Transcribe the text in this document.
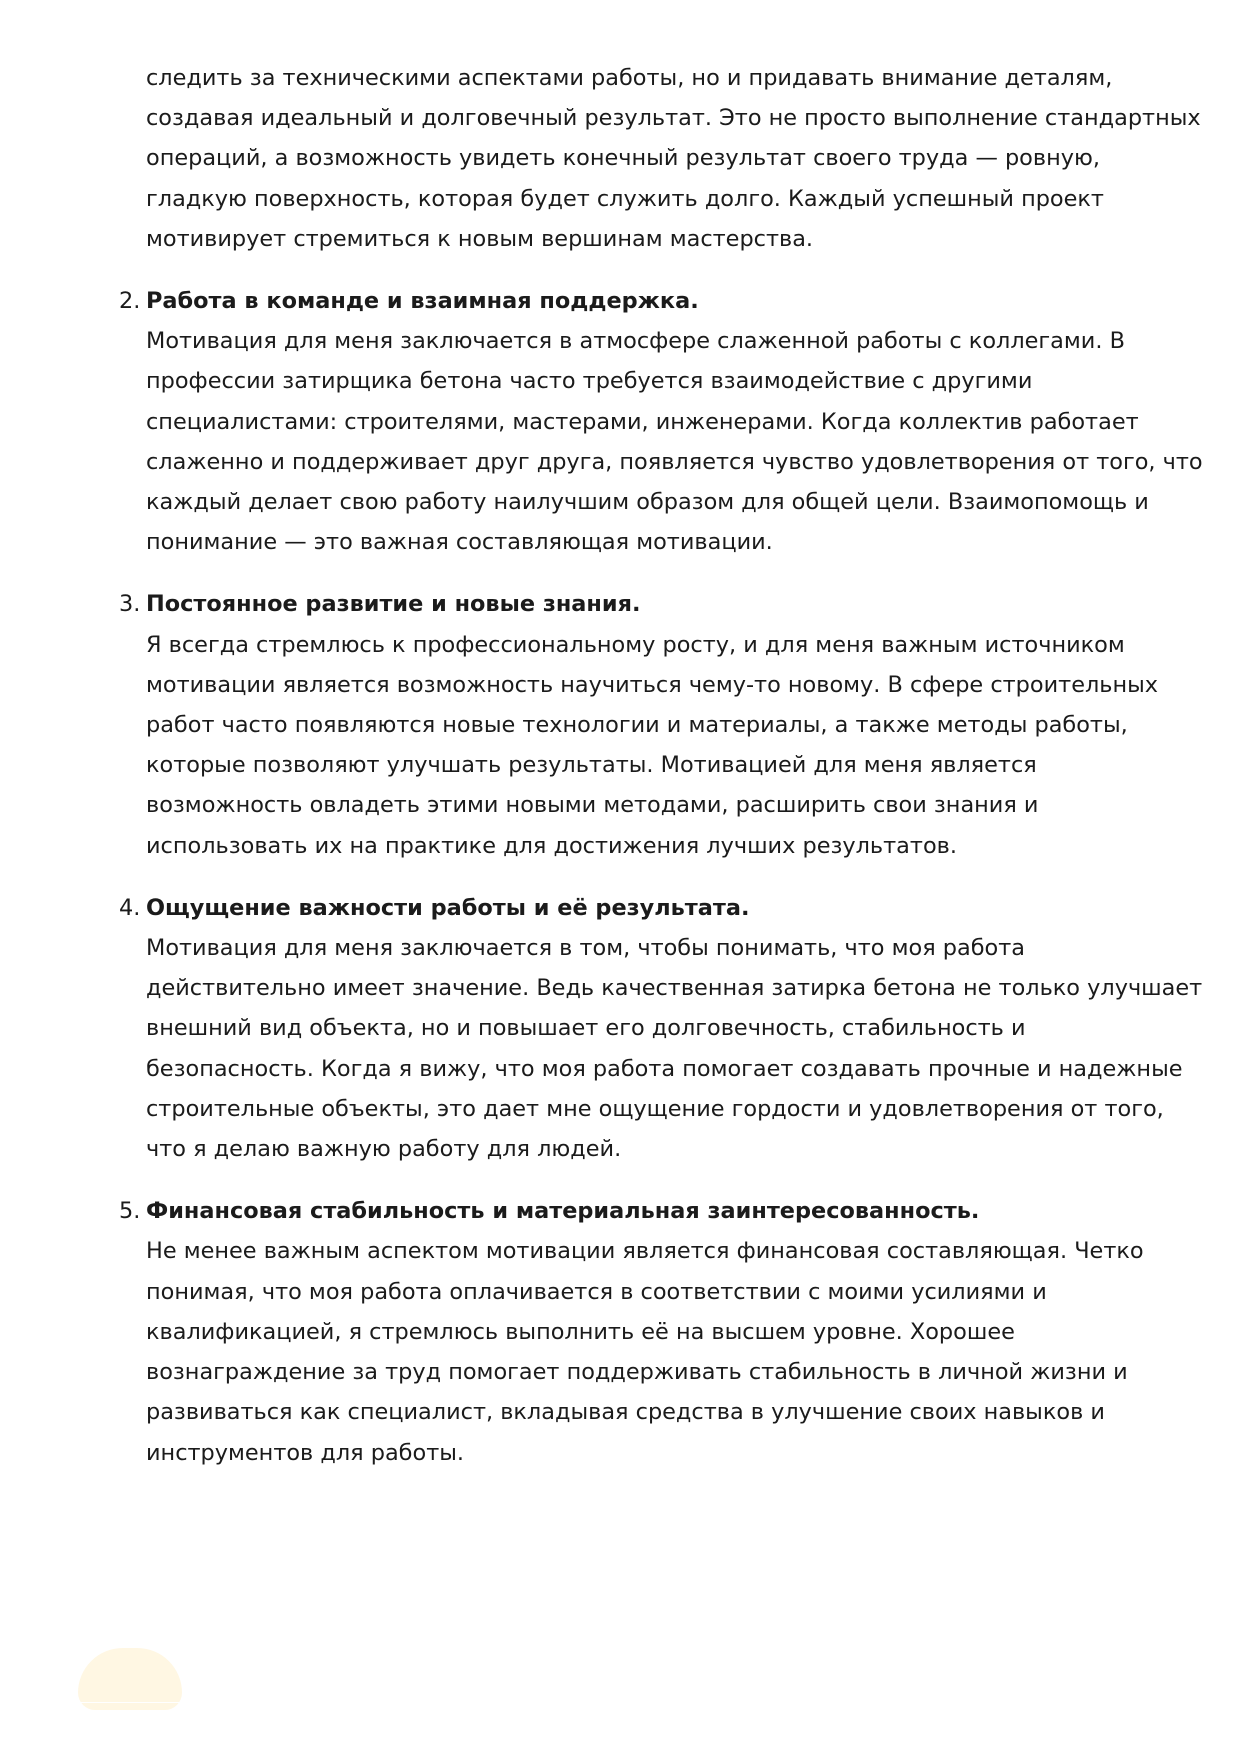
следить за техническими аспектами работы, но и придавать внимание деталям,
создавая идеальный и долговечный результат. Это не просто выполнение стандартных
операций, а возможность увидеть конечный результат своего труда — ровную,
гладкую поверхность, которая будет служить долго. Каждый успешный проект
мотивирует стремиться к новым вершинам мастерства.

2. Работа в команде и взаимная поддержка.

Мотивация для меня заключается в атмосфере слаженной работы с коллегами. В
профессии затирщика бетона часто требуется взаимодействие с другими
специалистами: строителями, мастерами, инженерами. Когда коллектив работает
слаженно и поддерживает друг друга, появляется чувство удовлетворения от того, что
каждый делает свою работу наилучшим образом для общей цели. Взаимопомощь и
понимание — это важная составляющая мотивации.

3. Постоянное развитие и новые знания.

Я всегда стремлюсь к профессиональному росту, и для меня важным источником
мотивации является возможность научиться чему-то новому. В сфере строительных
работ часто появляются новые технологии и материалы, а также методы работы,
которые позволяют улучшать результаты. Мотивацией для меня является
возможность овладеть этими новыми методами, расширить свои знания и
использовать их на практике для достижения лучших результатов.

4. Ощущение важности работы и её результата.

Мотивация для меня заключается в том, чтобы понимать, что моя работа
действительно имеет значение. Ведь качественная затирка бетона не только улучшает
внешний вид объекта, но и повышает его долговечность, стабильность и
безопасность. Когда я вижу, что моя работа помогает создавать прочные и надежные
строительные объекты, это дает мне ощущение гордости и удовлетворения от того,
что я делаю важную работу для людей.

5. Финансовая стабильность и материальная заинтересованность.

Не менее важным аспектом мотивации является финансовая составляющая. Четко
понимая, что моя работа оплачивается в соответствии с моими усилиями и
квалификацией, я стремлюсь выполнить её на высшем уровне. Хорошее
вознаграждение за труд помогает поддерживать стабильность в личной жизни и
развиваться как специалист, вкладывая средства в улучшение своих навыков и
инструментов для работы.
